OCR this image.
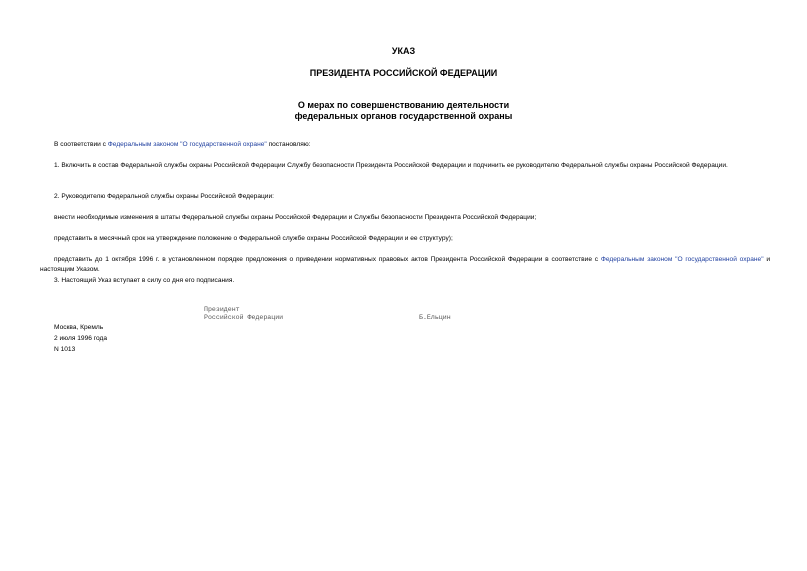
УКАЗ
ПРЕЗИДЕНТА РОССИЙСКОЙ ФЕДЕРАЦИИ
О мерах по совершенствованию деятельности
федеральных органов государственной охраны
В соответствии с Федеральным законом "О государственной охране" постановляю:
1. Включить в состав Федеральной службы охраны Российской Федерации Службу безопасности Президента Российской Федерации и подчинить ее руководителю Федеральной службы охраны Российской Федерации.
2. Руководителю Федеральной службы охраны Российской Федерации:
внести необходимые изменения в штаты Федеральной службы охраны Российской Федерации и Службы безопасности Президента Российской Федерации;
представить в месячный срок на утверждение положение о Федеральной службе охраны Российской Федерации и ее структуру);
представить до 1 октября 1996 г. в установленном порядке предложения о приведении нормативных правовых актов Президента Российской Федерации в соответствие с Федеральным законом "О государственной охране" и настоящим Указом.
3. Настоящий Указ вступает в силу со дня его подписания.
Президент
Российской Федерации	Б.Ельцин
Москва, Кремль
2 июля 1996 года
N 1013
